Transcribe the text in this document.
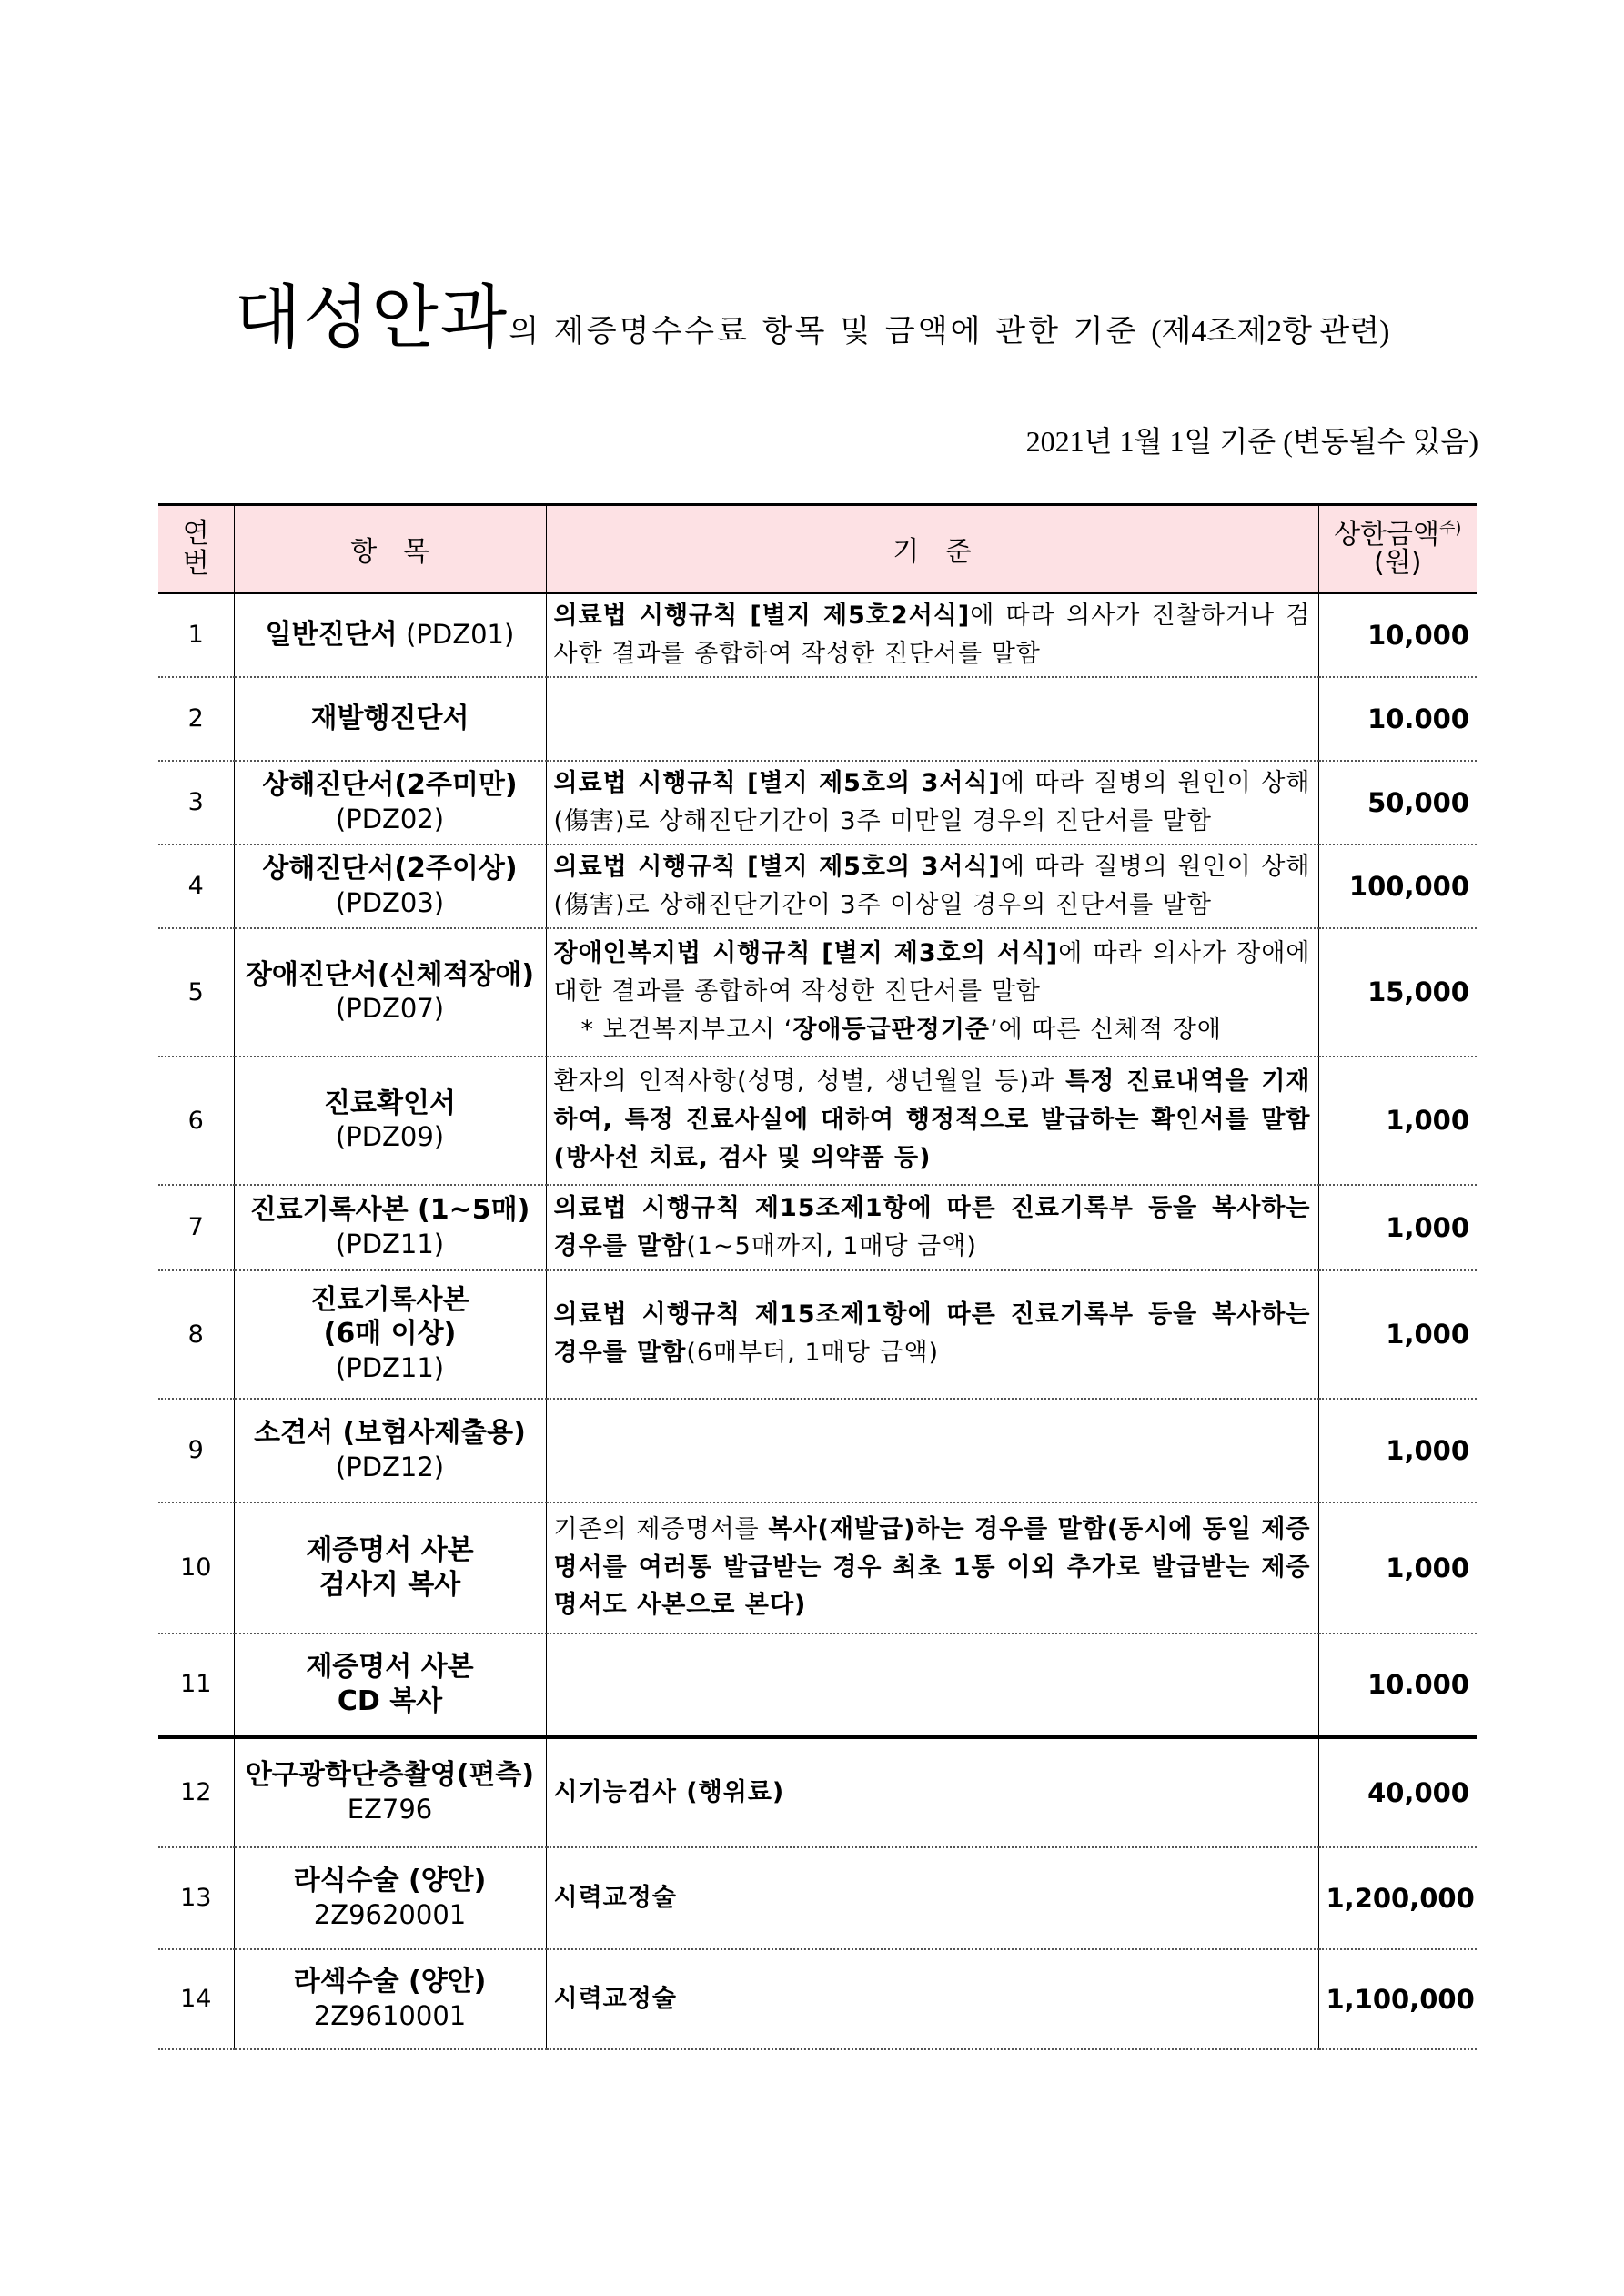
대성안과의 제증명수수료 항목 및 금액에 관한 기준 (제4조제2항 관련)
2021년 1월 1일 기준 (변동될수 있음)
연
번	항   목	기   준	상한금액$^{주)}$
(원)
1	일반진단서 (PDZ01)	의료법 시행규칙 [별지 제5호2서식]에 따라 의사가 진찰하거나 검사한 결과를 종합하여 작성한 진단서를 말함	10,000
2	재발행진단서		10.000
3	상해진단서(2주미만)
(PDZ02)	의료법 시행규칙 [별지 제5호의 3서식]에 따라 질병의 원인이 상해(傷害)로 상해진단기간이 3주 미만일 경우의 진단서를 말함	50,000
4	상해진단서(2주이상)
(PDZ03)	의료법 시행규칙 [별지 제5호의 3서식]에 따라 질병의 원인이 상해(傷害)로 상해진단기간이 3주 이상일 경우의 진단서를 말함	100,000
5	장애진단서(신체적장애)
(PDZ07)	장애인복지법 시행규칙 [별지 제3호의 서식]에 따라 의사가 장애에 대한 결과를 종합하여 작성한 진단서를 말함
* 보건복지부고시 ‘장애등급판정기준’에 따른 신체적 장애	15,000
6	진료확인서
(PDZ09)	환자의 인적사항(성명, 성별, 생년월일 등)과 특정 진료내역을 기재하여, 특정 진료사실에 대하여 행정적으로 발급하는 확인서를 말함 (방사선 치료, 검사 및 의약품 등)	1,000
7	진료기록사본 (1~5매)
(PDZ11)	의료법 시행규칙 제15조제1항에 따른 진료기록부 등을 복사하는 경우를 말함(1~5매까지, 1매당 금액)	1,000
8	진료기록사본
(6매 이상)
(PDZ11)	의료법 시행규칙 제15조제1항에 따른 진료기록부 등을 복사하는 경우를 말함(6매부터, 1매당 금액)	1,000
9	소견서 (보험사제출용)
(PDZ12)		1,000
10	제증명서 사본
검사지 복사	기존의 제증명서를 복사(재발급)하는 경우를 말함(동시에 동일 제증명서를 여러통 발급받는 경우 최초 1통 이외 추가로 발급받는 제증명서도 사본으로 본다)	1,000
11	제증명서 사본
CD 복사		10.000
12	안구광학단층촬영(편측)
EZ796	시기능검사 (행위료)	40,000
13	라식수술 (양안)
2Z9620001	시력교정술	1,200,000
14	라섹수술 (양안)
2Z9610001	시력교정술	1,100,000
